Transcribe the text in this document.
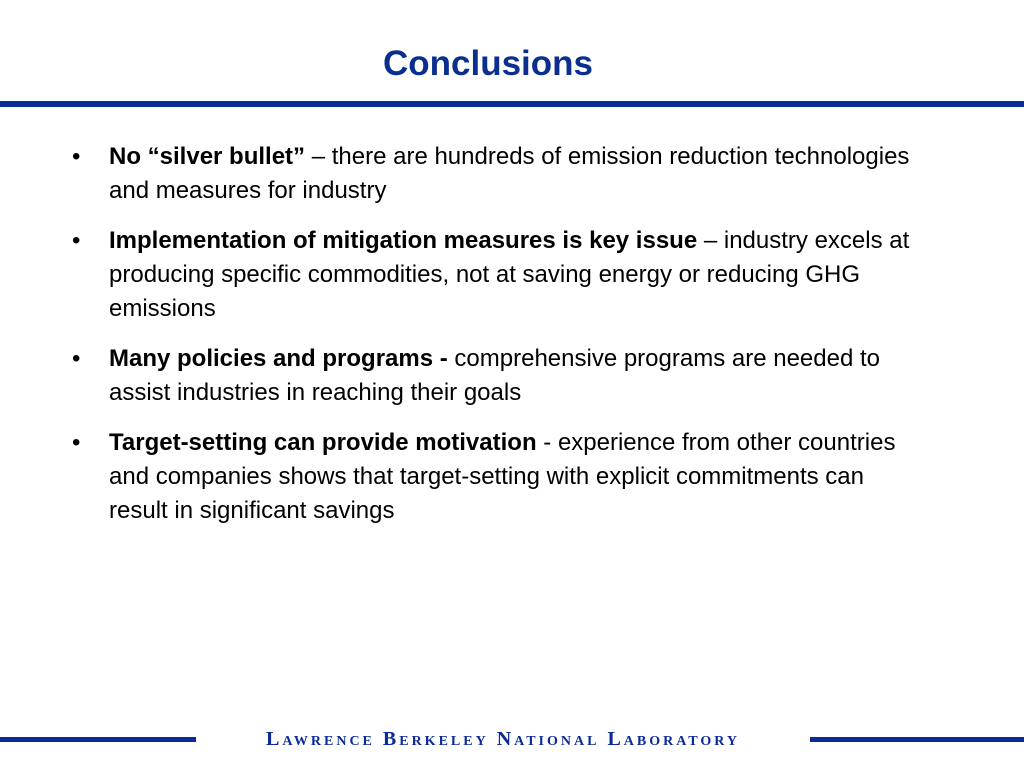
Conclusions
•	No “silver bullet” – there are hundreds of emission reduction technologies and measures for industry
•	Implementation of mitigation measures is key issue – industry excels at producing specific commodities, not at saving energy or reducing GHG emissions
•	Many policies and programs - comprehensive programs are needed to assist industries in reaching their goals
•	Target-setting can provide motivation - experience from other countries and companies shows that target-setting with explicit commitments can result in significant savings
Lawrence Berkeley National Laboratory
